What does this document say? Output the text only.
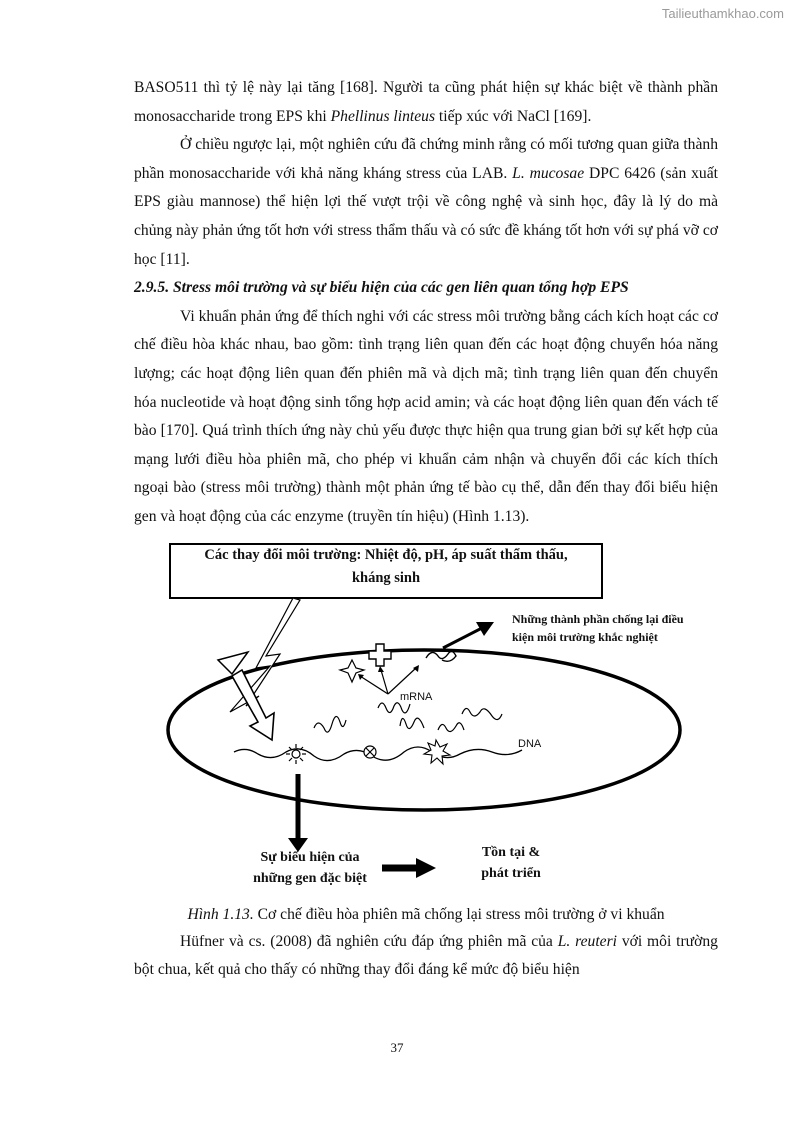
Tailieuthamkhao.com

BASO511 thì tỷ lệ này lại tăng [168]. Người ta cũng phát hiện sự khác biệt về thành phần monosaccharide trong EPS khi Phellinus linteus tiếp xúc với NaCl [169].

Ở chiều ngược lại, một nghiên cứu đã chứng minh rằng có mối tương quan giữa thành phần monosaccharide với khả năng kháng stress của LAB. L. mucosae DPC 6426 (sản xuất EPS giàu mannose) thể hiện lợi thế vượt trội về công nghệ và sinh học, đây là lý do mà chủng này phản ứng tốt hơn với stress thẩm thấu và có sức đề kháng tốt hơn với sự phá vỡ cơ học [11].

2.9.5. Stress môi trường và sự biểu hiện của các gen liên quan tổng hợp EPS

Vi khuẩn phản ứng để thích nghi với các stress môi trường bằng cách kích hoạt các cơ chế điều hòa khác nhau, bao gồm: tình trạng liên quan đến các hoạt động chuyển hóa năng lượng; các hoạt động liên quan đến phiên mã và dịch mã; tình trạng liên quan đến chuyển hóa nucleotide và hoạt động sinh tổng hợp acid amin; và các hoạt động liên quan đến vách tế bào [170]. Quá trình thích ứng này chủ yếu được thực hiện qua trung gian bởi sự kết hợp của mạng lưới điều hòa phiên mã, cho phép vi khuẩn cảm nhận và chuyển đổi các kích thích ngoại bào (stress môi trường) thành một phản ứng tế bào cụ thể, dẫn đến thay đổi biểu hiện gen và hoạt động của các enzyme (truyền tín hiệu) (Hình 1.13).

Các thay đổi môi trường: Nhiệt độ, pH, áp suất thẩm thấu,
kháng sinh
Những thành phần chống lại điều
kiện môi trường khắc nghiệt
mRNA
DNA
Sự biểu hiện của
những gen đặc biệt
Tồn tại &
phát triển
Hình 1.13. Cơ chế điều hòa phiên mã chống lại stress môi trường ở vi khuẩn

Hüfner và cs. (2008) đã nghiên cứu đáp ứng phiên mã của L. reuteri với môi trường bột chua, kết quả cho thấy có những thay đổi đáng kể mức độ biểu hiện

37
